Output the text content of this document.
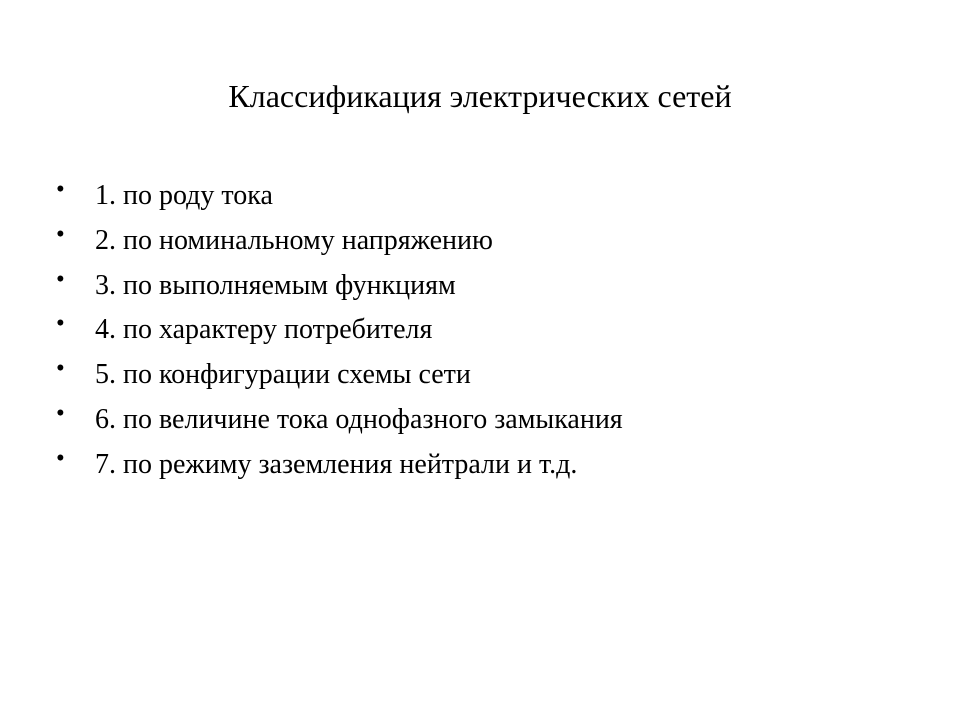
Классификация электрических сетей
• 1. по роду тока
• 2. по номинальному напряжению
• 3. по выполняемым функциям
• 4. по характеру потребителя
• 5. по конфигурации схемы сети
• 6. по величине тока однофазного замыкания
• 7. по режиму заземления нейтрали и т.д.
